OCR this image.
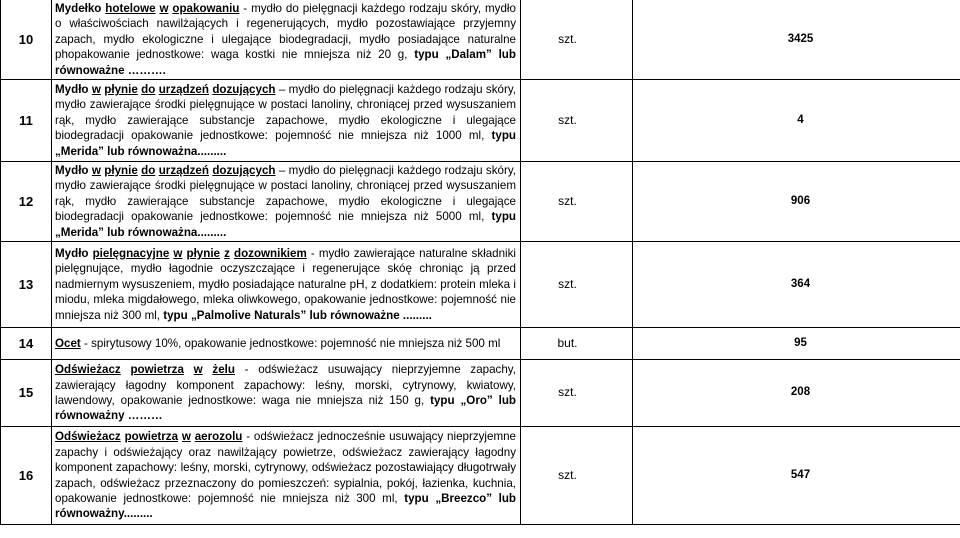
10	Mydełko hotelowe w opakowaniu - mydło do pielęgnacji każdego rodzaju skóry, mydło o właściwościach nawilżających i regenerujących, mydło pozostawiające przyjemny zapach, mydło ekologiczne i ulegające biodegradacji, mydło posiadające naturalne phopakowanie jednostkowe: waga kostki nie mniejsza niż 20 g, typu „Dalam” lub równoważne ……….	szt.	3425
11	Mydło w płynie do urządzeń dozujących – mydło do pielęgnacji każdego rodzaju skóry, mydło zawierające środki pielęgnujące w postaci lanoliny, chroniącej przed wysuszaniem rąk, mydło zawierające substancje zapachowe, mydło ekologiczne i ulegające biodegradacji opakowanie jednostkowe: pojemność nie mniejsza niż 1000 ml, typu „Merida” lub równoważna.........	szt.	4
12	Mydło w płynie do urządzeń dozujących – mydło do pielęgnacji każdego rodzaju skóry, mydło zawierające środki pielęgnujące w postaci lanoliny, chroniącej przed wysuszaniem rąk, mydło zawierające substancje zapachowe, mydło ekologiczne i ulegające biodegradacji opakowanie jednostkowe: pojemność nie mniejsza niż 5000 ml, typu „Merida” lub równoważna.........	szt.	906
13	Mydło pielęgnacyjne w płynie z dozownikiem - mydło zawierające naturalne składniki pielęgnujące, mydło łagodnie oczyszczające i regenerujące skóę chroniąc ją przed nadmiernym wysuszeniem, mydło posiadające naturalne pH, z dodatkiem: protein mleka i miodu, mleka migdałowego, mleka oliwkowego, opakowanie jednostkowe: pojemność nie mniejsza niż 300 ml, typu „Palmolive Naturals” lub równoważne .........	szt.	364
14	Ocet - spirytusowy 10%, opakowanie jednostkowe: pojemność nie mniejsza niż 500 ml	but.	95
15	Odświeżacz powietrza w żelu - odświeżacz usuwający nieprzyjemne zapachy, zawierający łagodny komponent zapachowy: leśny, morski, cytrynowy, kwiatowy, lawendowy, opakowanie jednostkowe: waga nie mniejsza niż 150 g, typu „Oro” lub równoważny ………	szt.	208
16	Odświeżacz powietrza w aerozolu - odświeżacz jednocześnie usuwający nieprzyjemne zapachy i odświeżający oraz nawilżający powietrze, odświeżacz zawierający łagodny komponent zapachowy: leśny, morski, cytrynowy, odświeżacz pozostawiający długotrwały zapach, odświeżacz przeznaczony do pomieszczeń: sypialnia, pokój, łazienka, kuchnia, opakowanie jednostkowe: pojemność nie mniejsza niż 300 ml, typu „Breezco” lub równoważny.........	szt.	547
